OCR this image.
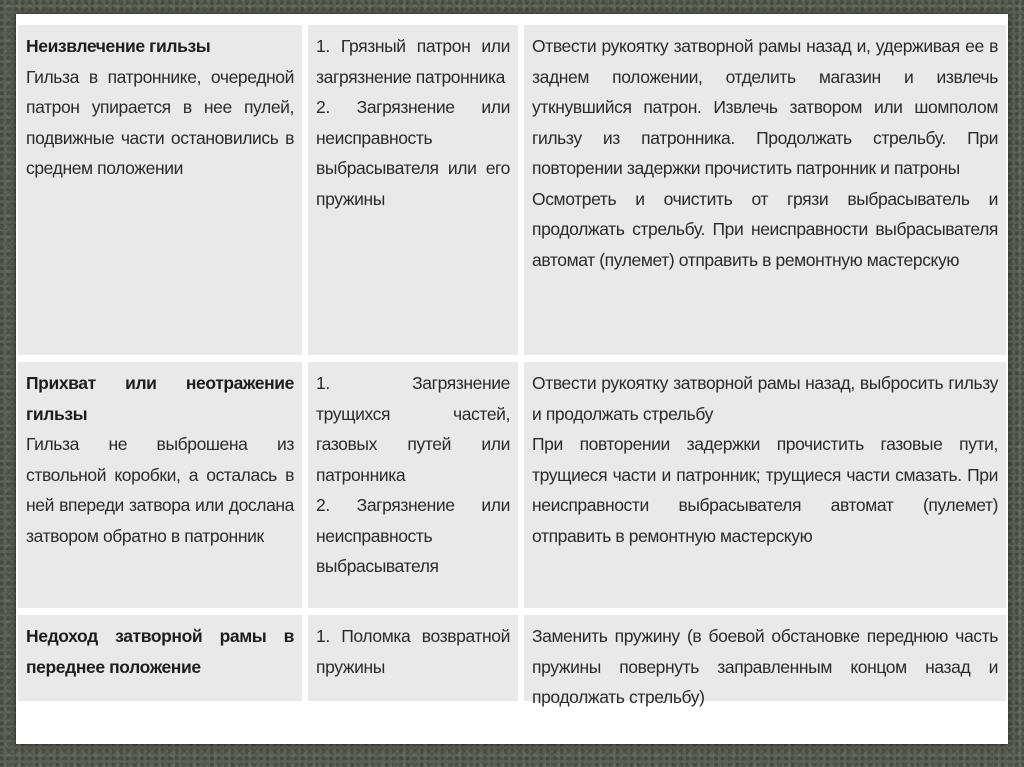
Неизвлечение гильзы

Гильза в патроннике, очередной патрон упирается в нее пулей, подвижные части остановились в среднем положении

1. Грязный патрон или загрязнение патронника

2. Загрязнение или неисправность выбрасывателя или его пружины

Отвести рукоятку затворной рамы назад и, удерживая ее в заднем положении, отделить магазин и извлечь уткнувшийся патрон. Извлечь затвором или шомполом гильзу из патронника. Продолжать стрельбу. При повторении задержки прочистить патронник и патроны

Осмотреть и очистить от грязи выбрасыватель и продолжать стрельбу. При неисправности выбрасывателя автомат (пулемет) отправить в ремонтную мастерскую

Прихват или неотражение гильзы

Гильза не выброшена из ствольной коробки, а осталась в ней впереди затвора или дослана затвором обратно в патронник

1. Загрязнение трущихся частей, газовых путей или патронника

2. Загрязнение или неисправность выбрасывателя

Отвести рукоятку затворной рамы назад, выбросить гильзу и продолжать стрельбу

При повторении задержки прочистить газовые пути, трущиеся части и патронник; трущиеся части смазать. При неисправности выбрасывателя автомат (пулемет) отправить в ремонтную мастерскую

Недоход затворной рамы в переднее положение

1. Поломка возвратной пружины

Заменить пружину (в боевой обстановке переднюю часть пружины повернуть заправленным концом назад и продолжать стрельбу)
